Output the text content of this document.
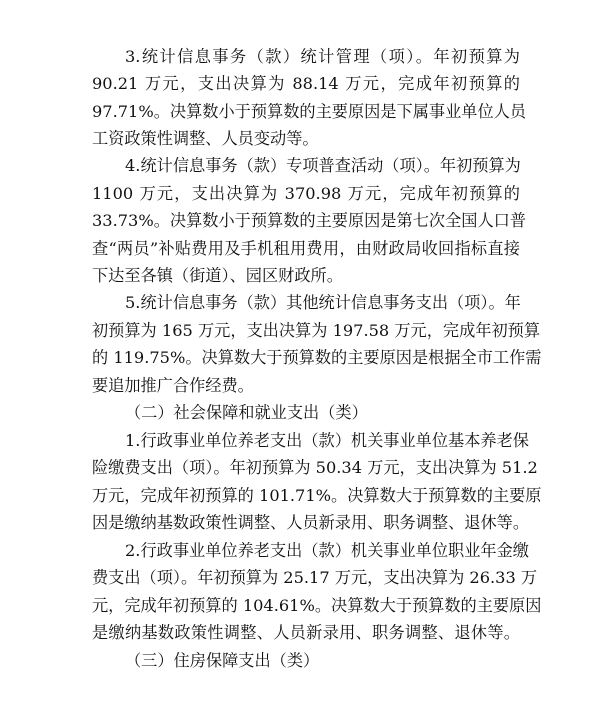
3.统计信息事务（款）统计管理（项）。年初预算为
90.21 万元，支出决算为 88.14 万元，完成年初预算的
97.71%。决算数小于预算数的主要原因是下属事业单位人员
工资政策性调整、人员变动等。
4.统计信息事务（款）专项普查活动（项）。年初预算为
1100 万元，支出决算为 370.98 万元，完成年初预算的
33.73%。决算数小于预算数的主要原因是第七次全国人口普
查“两员”补贴费用及手机租用费用，由财政局收回指标直接
下达至各镇（街道）、园区财政所。
5.统计信息事务（款）其他统计信息事务支出（项）。年
初预算为 165 万元，支出决算为 197.58 万元，完成年初预算
的 119.75%。决算数大于预算数的主要原因是根据全市工作需
要追加推广合作经费。
（二）社会保障和就业支出（类）
1.行政事业单位养老支出（款）机关事业单位基本养老保
险缴费支出（项）。年初预算为 50.34 万元，支出决算为 51.2
万元，完成年初预算的 101.71%。决算数大于预算数的主要原
因是缴纳基数政策性调整、人员新录用、职务调整、退休等。
2.行政事业单位养老支出（款）机关事业单位职业年金缴
费支出（项）。年初预算为 25.17 万元，支出决算为 26.33 万
元，完成年初预算的 104.61%。决算数大于预算数的主要原因
是缴纳基数政策性调整、人员新录用、职务调整、退休等。
（三）住房保障支出（类）
